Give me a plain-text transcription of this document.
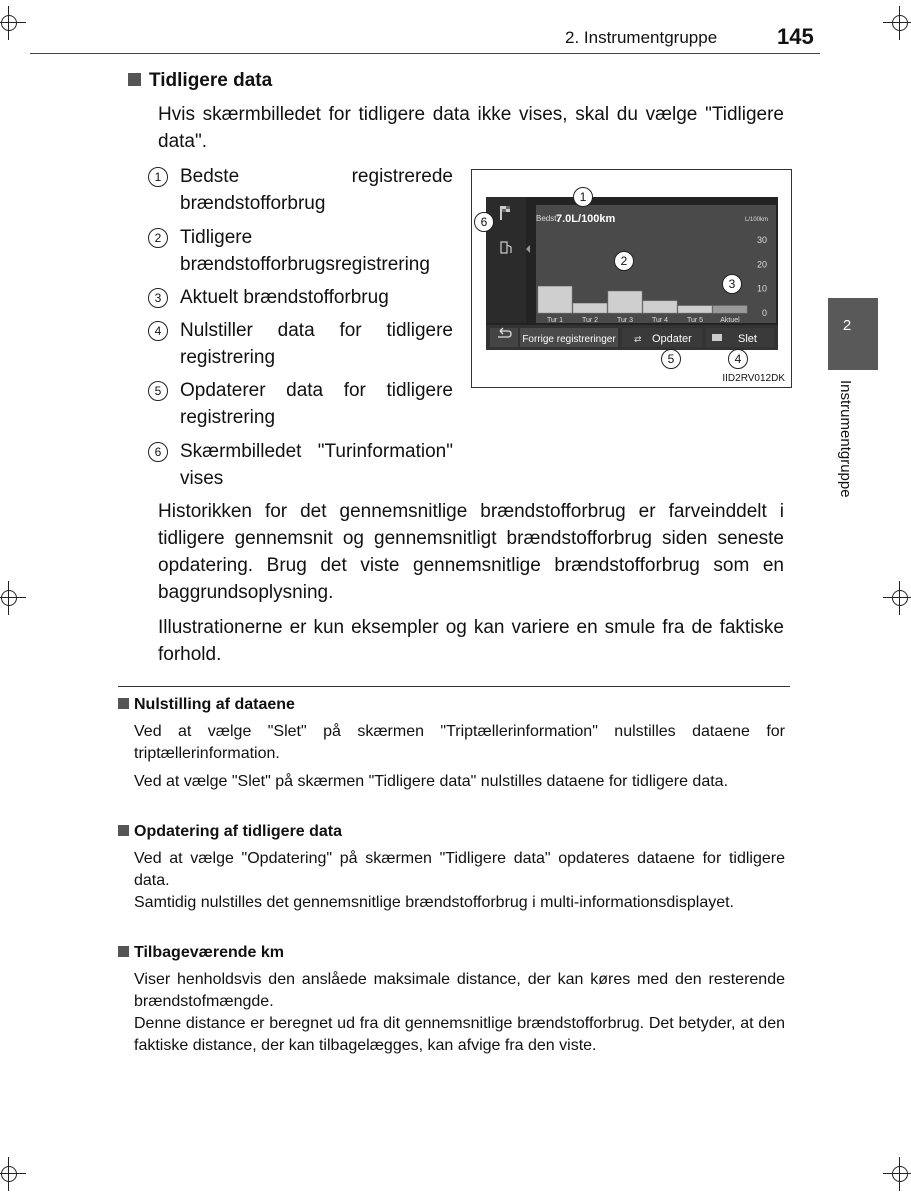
2. Instrumentgruppe	145
2
Instrumentgruppe
Tidligere data
Hvis skærmbilledet for tidligere data ikke vises, skal du vælge "Tidligere data".
1 Bedste registrerede brændstofforbrug
2 Tidligere brændstofforbrugsregistrering
3 Aktuelt brændstofforbrug
4 Nulstiller data for tidligere registrering
5 Opdaterer data for tidligere registrering
6 Skærmbilledet "Turinformation" vises
Bedst:
7.0L/100km	L/100km
30
20
10
0
Tur 1	Tur 2	Tur 3	Tur 4	Tur 5 Aktuel
Forrige registreringer ⇄ Opdater	Slet
1
2
3
4
5
6
IID2RV012DK
Historikken for det gennemsnitlige brændstofforbrug er farveinddelt i tidligere gennemsnit og gennemsnitligt brændstofforbrug siden seneste opdatering. Brug det viste gennemsnitlige brændstofforbrug som en baggrundsoplysning.
Illustrationerne er kun eksempler og kan variere en smule fra de faktiske forhold.
Nulstilling af dataene
Ved at vælge "Slet" på skærmen "Triptællerinformation" nulstilles dataene for triptællerinformation.
Ved at vælge "Slet" på skærmen "Tidligere data" nulstilles dataene for tidligere data.
Opdatering af tidligere data
Ved at vælge "Opdatering" på skærmen "Tidligere data" opdateres dataene for tidligere data.
Samtidig nulstilles det gennemsnitlige brændstofforbrug i multi-informationsdisplayet.
Tilbageværende km
Viser henholdsvis den anslåede maksimale distance, der kan køres med den resterende brændstofmængde.
Denne distance er beregnet ud fra dit gennemsnitlige brændstofforbrug. Det betyder, at den faktiske distance, der kan tilbagelægges, kan afvige fra den viste.
